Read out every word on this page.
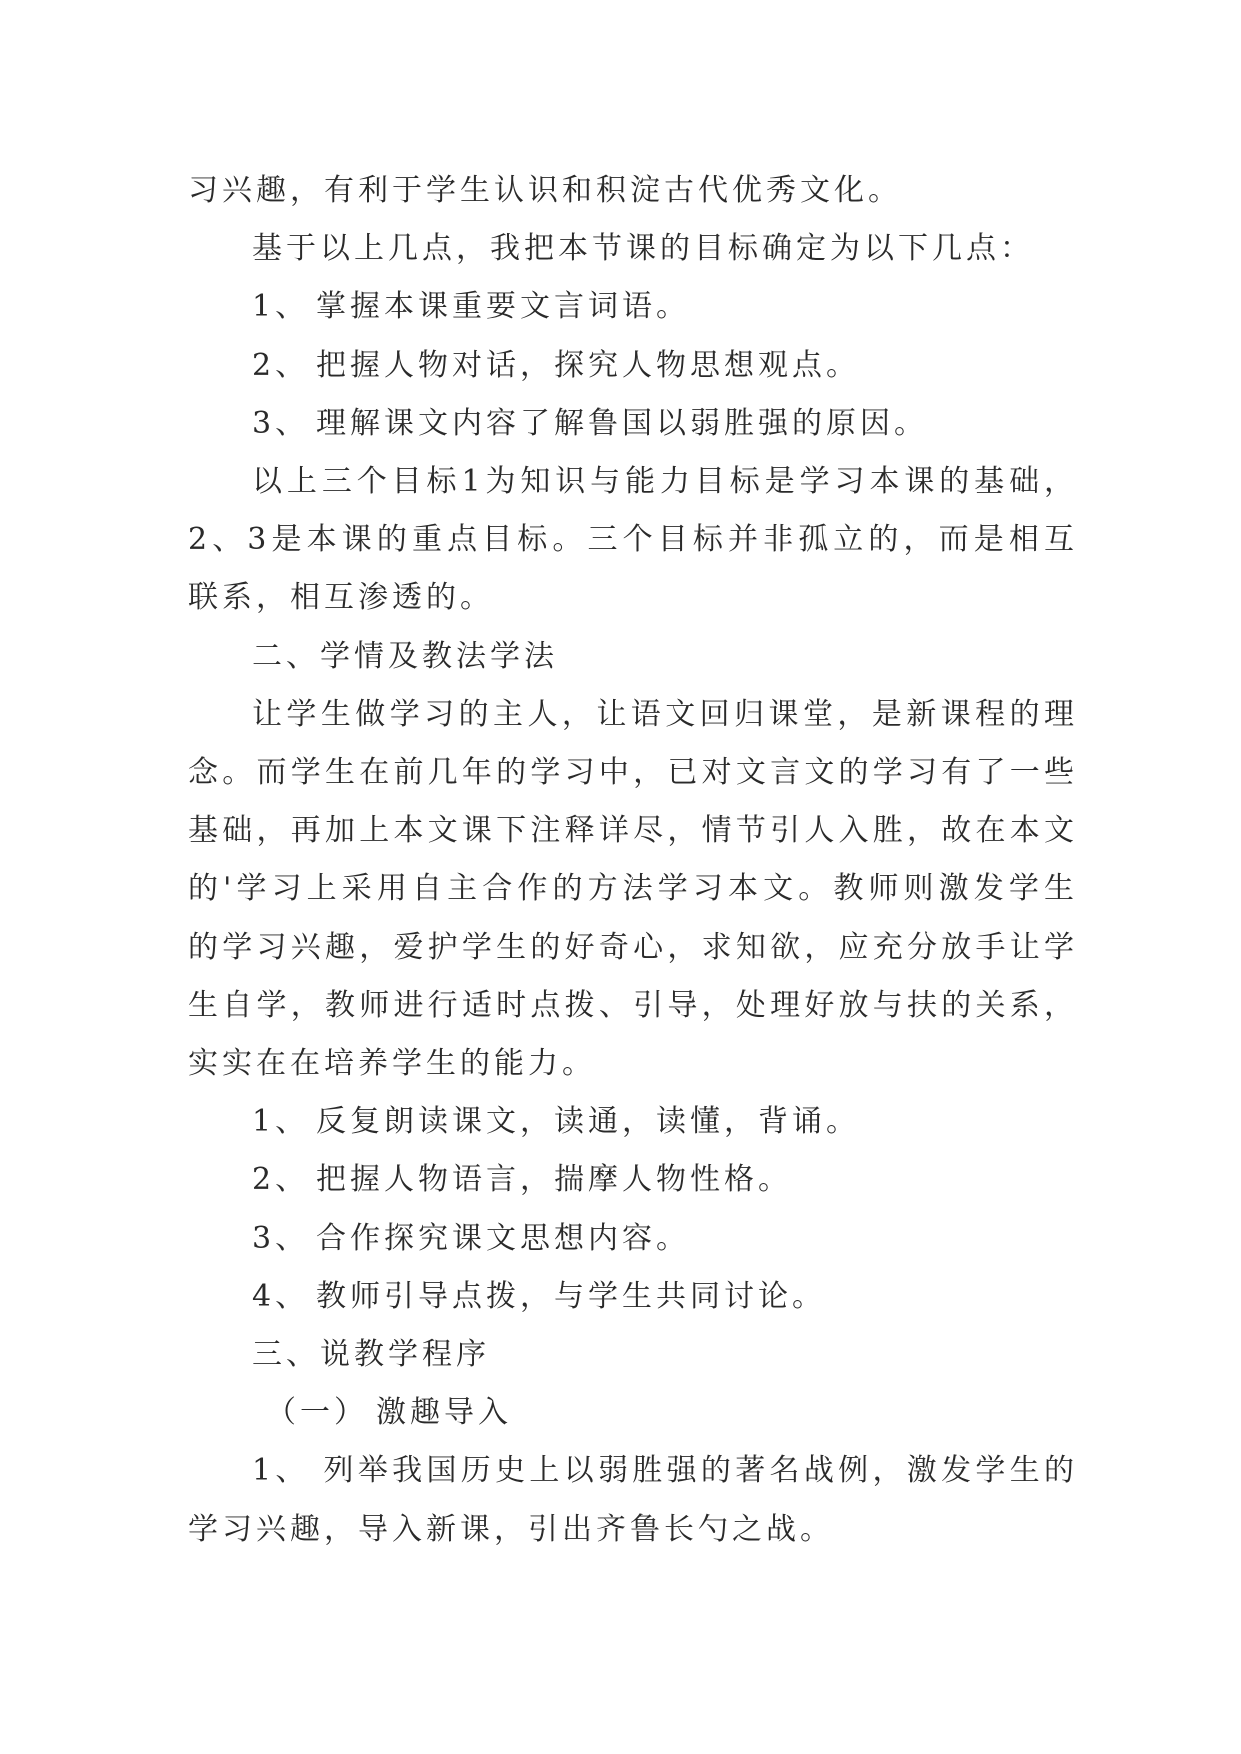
习兴趣，有利于学生认识和积淀古代优秀文化。

基于以上几点，我把本节课的目标确定为以下几点：

1、 掌握本课重要文言词语。

2、 把握人物对话，探究人物思想观点。

3、 理解课文内容了解鲁国以弱胜强的原因。

以上三个目标1为知识与能力目标是学习本课的基础，2、3是本课的重点目标。三个目标并非孤立的，而是相互联系，相互渗透的。

二、学情及教法学法

让学生做学习的主人，让语文回归课堂，是新课程的理念。而学生在前几年的学习中，已对文言文的学习有了一些基础，再加上本文课下注释详尽，情节引人入胜，故在本文的'学习上采用自主合作的方法学习本文。教师则激发学生的学习兴趣，爱护学生的好奇心，求知欲，应充分放手让学生自学，教师进行适时点拨、引导，处理好放与扶的关系，实实在在培养学生的能力。

1、 反复朗读课文，读通，读懂，背诵。

2、 把握人物语言，揣摩人物性格。

3、 合作探究课文思想内容。

4、 教师引导点拨，与学生共同讨论。

三、说教学程序

（一） 激趣导入

1、 列举我国历史上以弱胜强的著名战例，激发学生的学习兴趣，导入新课，引出齐鲁长勺之战。
